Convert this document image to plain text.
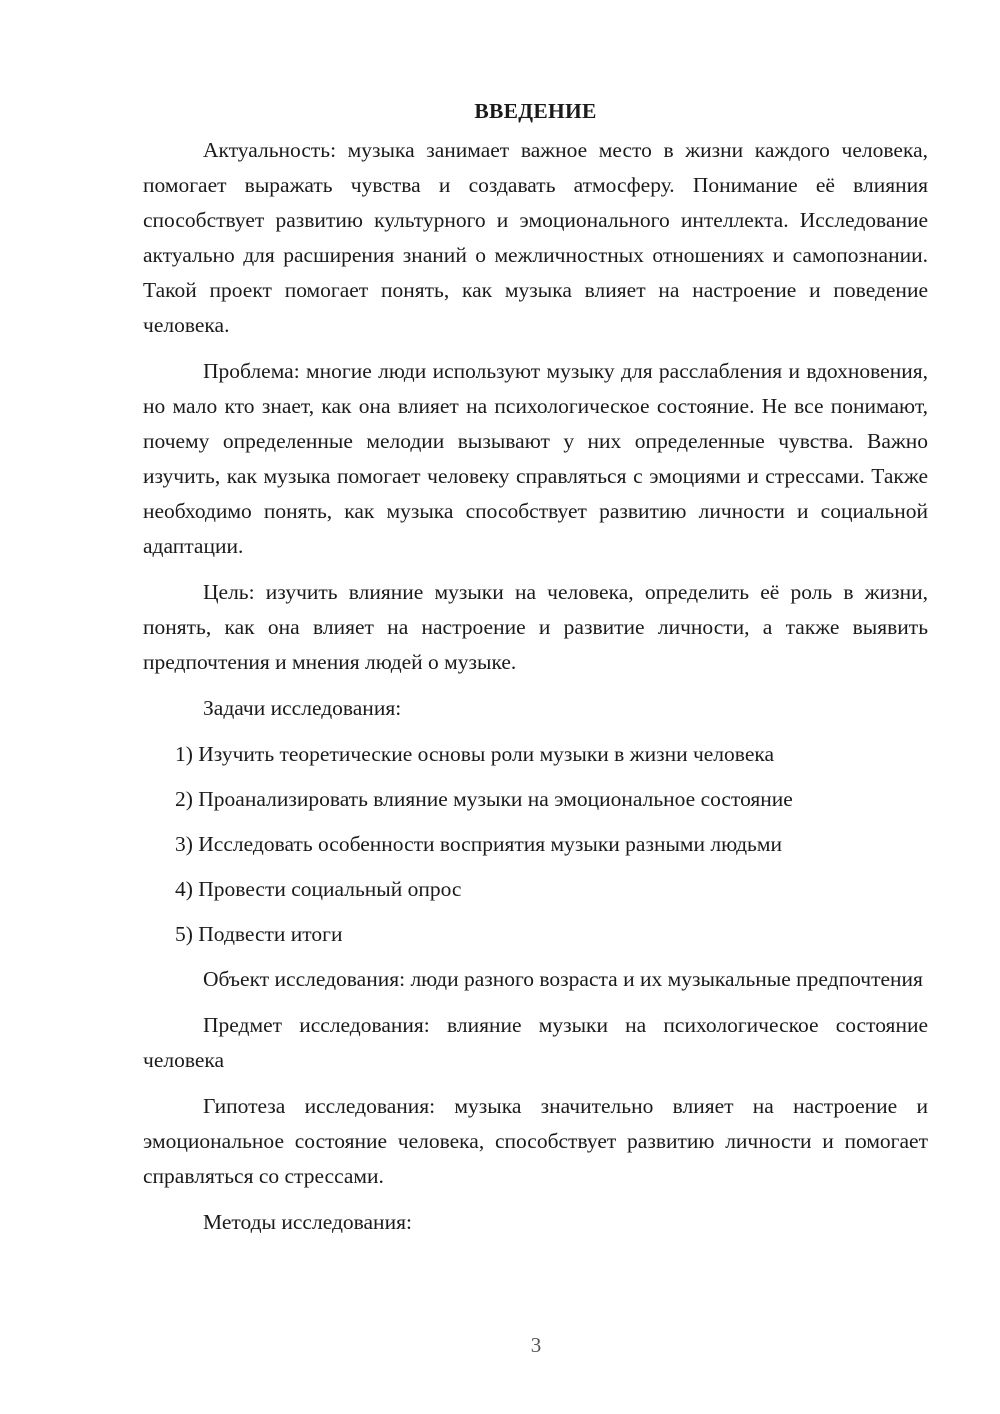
ВВЕДЕНИЕ

Актуальность: музыка занимает важное место в жизни каждого человека, помогает выражать чувства и создавать атмосферу. Понимание её влияния способствует развитию культурного и эмоционального интеллекта. Исследование актуально для расширения знаний о межличностных отношениях и самопознании. Такой проект помогает понять, как музыка влияет на настроение и поведение человека.

Проблема: многие люди используют музыку для расслабления и вдохновения, но мало кто знает, как она влияет на психологическое состояние. Не все понимают, почему определенные мелодии вызывают у них определенные чувства. Важно изучить, как музыка помогает человеку справляться с эмоциями и стрессами. Также необходимо понять, как музыка способствует развитию личности и социальной адаптации.

Цель: изучить влияние музыки на человека, определить её роль в жизни, понять, как она влияет на настроение и развитие личности, а также выявить предпочтения и мнения людей о музыке.

Задачи исследования:

1) Изучить теоретические основы роли музыки в жизни человека

2) Проанализировать влияние музыки на эмоциональное состояние

3) Исследовать особенности восприятия музыки разными людьми

4) Провести социальный опрос

5) Подвести итоги

Объект исследования: люди разного возраста и их музыкальные предпочтения

Предмет исследования: влияние музыки на психологическое состояние человека

Гипотеза исследования: музыка значительно влияет на настроение и эмоциональное состояние человека, способствует развитию личности и помогает справляться со стрессами.

Методы исследования:

3
